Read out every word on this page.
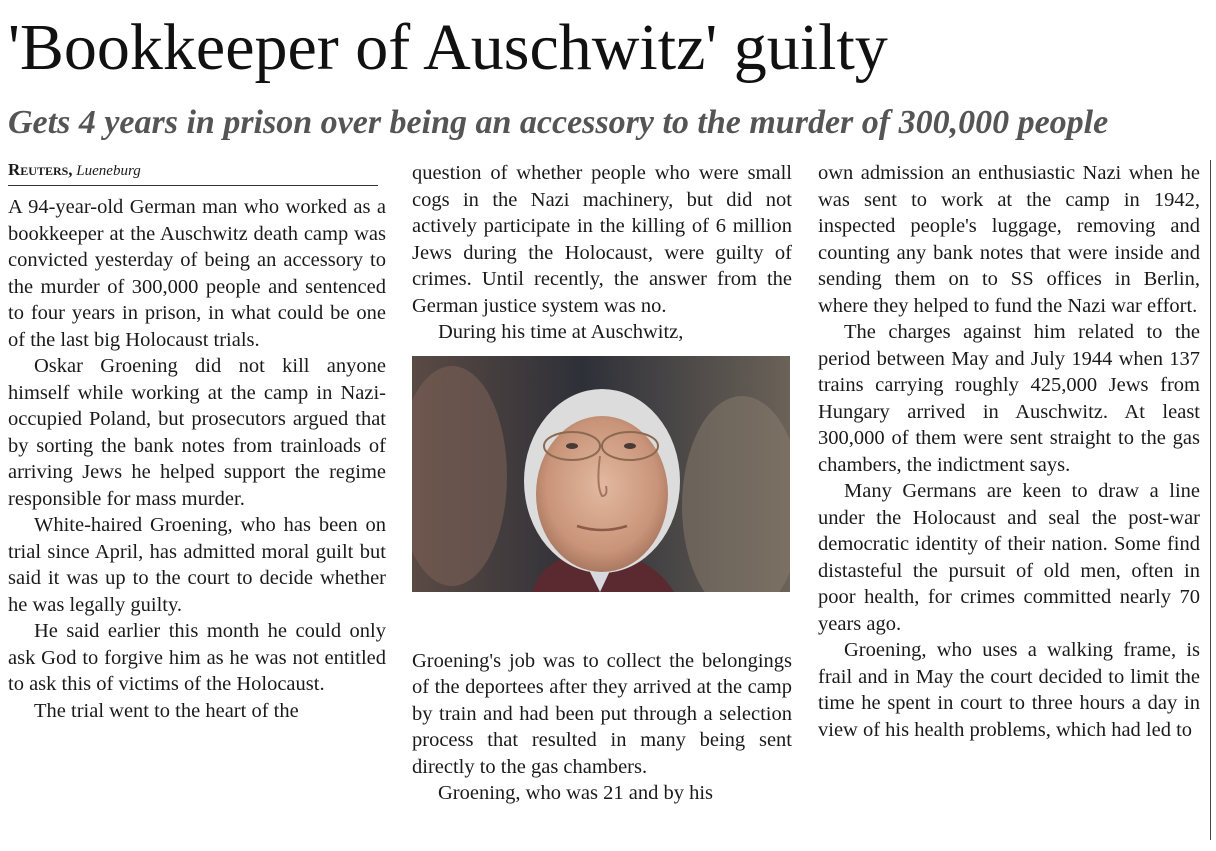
'Bookkeeper of Auschwitz' guilty
Gets 4 years in prison over being an accessory to the murder of 300,000 people
Reuters, Lueneburg

A 94-year-old German man who worked as a bookkeeper at the Auschwitz death camp was convicted yesterday of being an accessory to the murder of 300,000 people and sentenced to four years in prison, in what could be one of the last big Holocaust trials.

Oskar Groening did not kill anyone himself while working at the camp in Nazi-occupied Poland, but prosecutors argued that by sorting the bank notes from trainloads of arriving Jews he helped support the regime responsible for mass murder.

White-haired Groening, who has been on trial since April, has admitted moral guilt but said it was up to the court to decide whether he was legally guilty.

He said earlier this month he could only ask God to forgive him as he was not entitled to ask this of victims of the Holocaust.

The trial went to the heart of the

question of whether people who were small cogs in the Nazi machinery, but did not actively participate in the killing of 6 million Jews during the Holocaust, were guilty of crimes. Until recently, the answer from the German justice system was no.

During his time at Auschwitz,

Groening's job was to collect the belongings of the deportees after they arrived at the camp by train and had been put through a selection process that resulted in many being sent directly to the gas chambers.

Groening, who was 21 and by his

own admission an enthusiastic Nazi when he was sent to work at the camp in 1942, inspected people's luggage, removing and counting any bank notes that were inside and sending them on to SS offices in Berlin, where they helped to fund the Nazi war effort.

The charges against him related to the period between May and July 1944 when 137 trains carrying roughly 425,000 Jews from Hungary arrived in Auschwitz. At least 300,000 of them were sent straight to the gas chambers, the indictment says.

Many Germans are keen to draw a line under the Holocaust and seal the post-war democratic identity of their nation. Some find distasteful the pursuit of old men, often in poor health, for crimes committed nearly 70 years ago.

Groening, who uses a walking frame, is frail and in May the court decided to limit the time he spent in court to three hours a day in view of his health problems, which had led to
